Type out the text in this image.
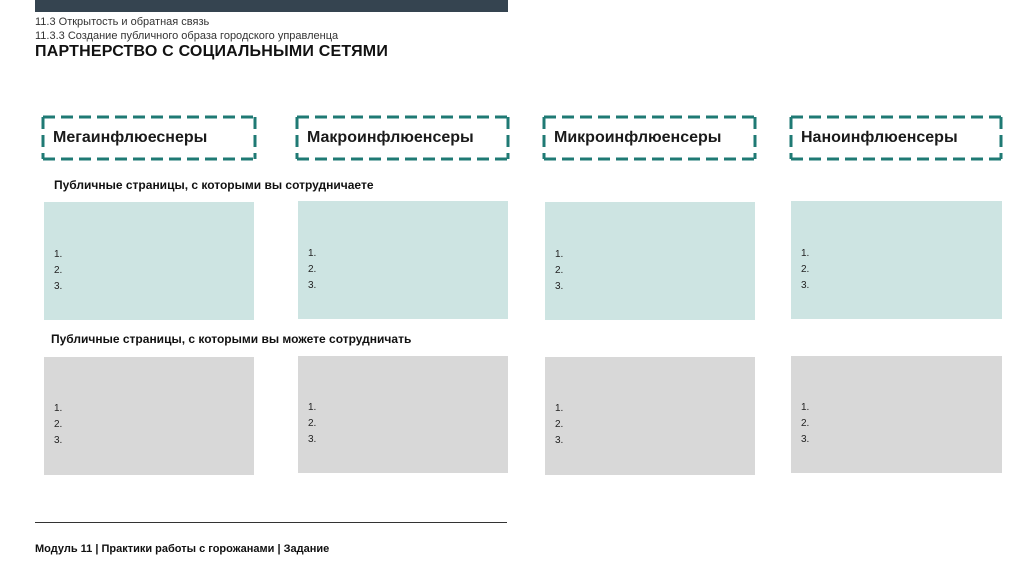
11.3 Открытость и обратная связь
11.3.3 Создание публичного образа городского управленца
ПАРТНЕРСТВО С СОЦИАЛЬНЫМИ СЕТЯМИ
Мегаинфлюеснеры	Макроинфлюенсеры	Микроинфлюенсеры	Наноинфлюенсеры
Публичные страницы, с которыми вы сотрудничаете
1.
2.
3.
1.
2.
3.
1.
2.
3.
1.
2.
3.
Публичные страницы, с которыми вы можете сотрудничать
1.
2.
3.
1.
2.
3.
1.
2.
3.
1.
2.
3.
Модуль 11 | Практики работы с горожанами | Задание
